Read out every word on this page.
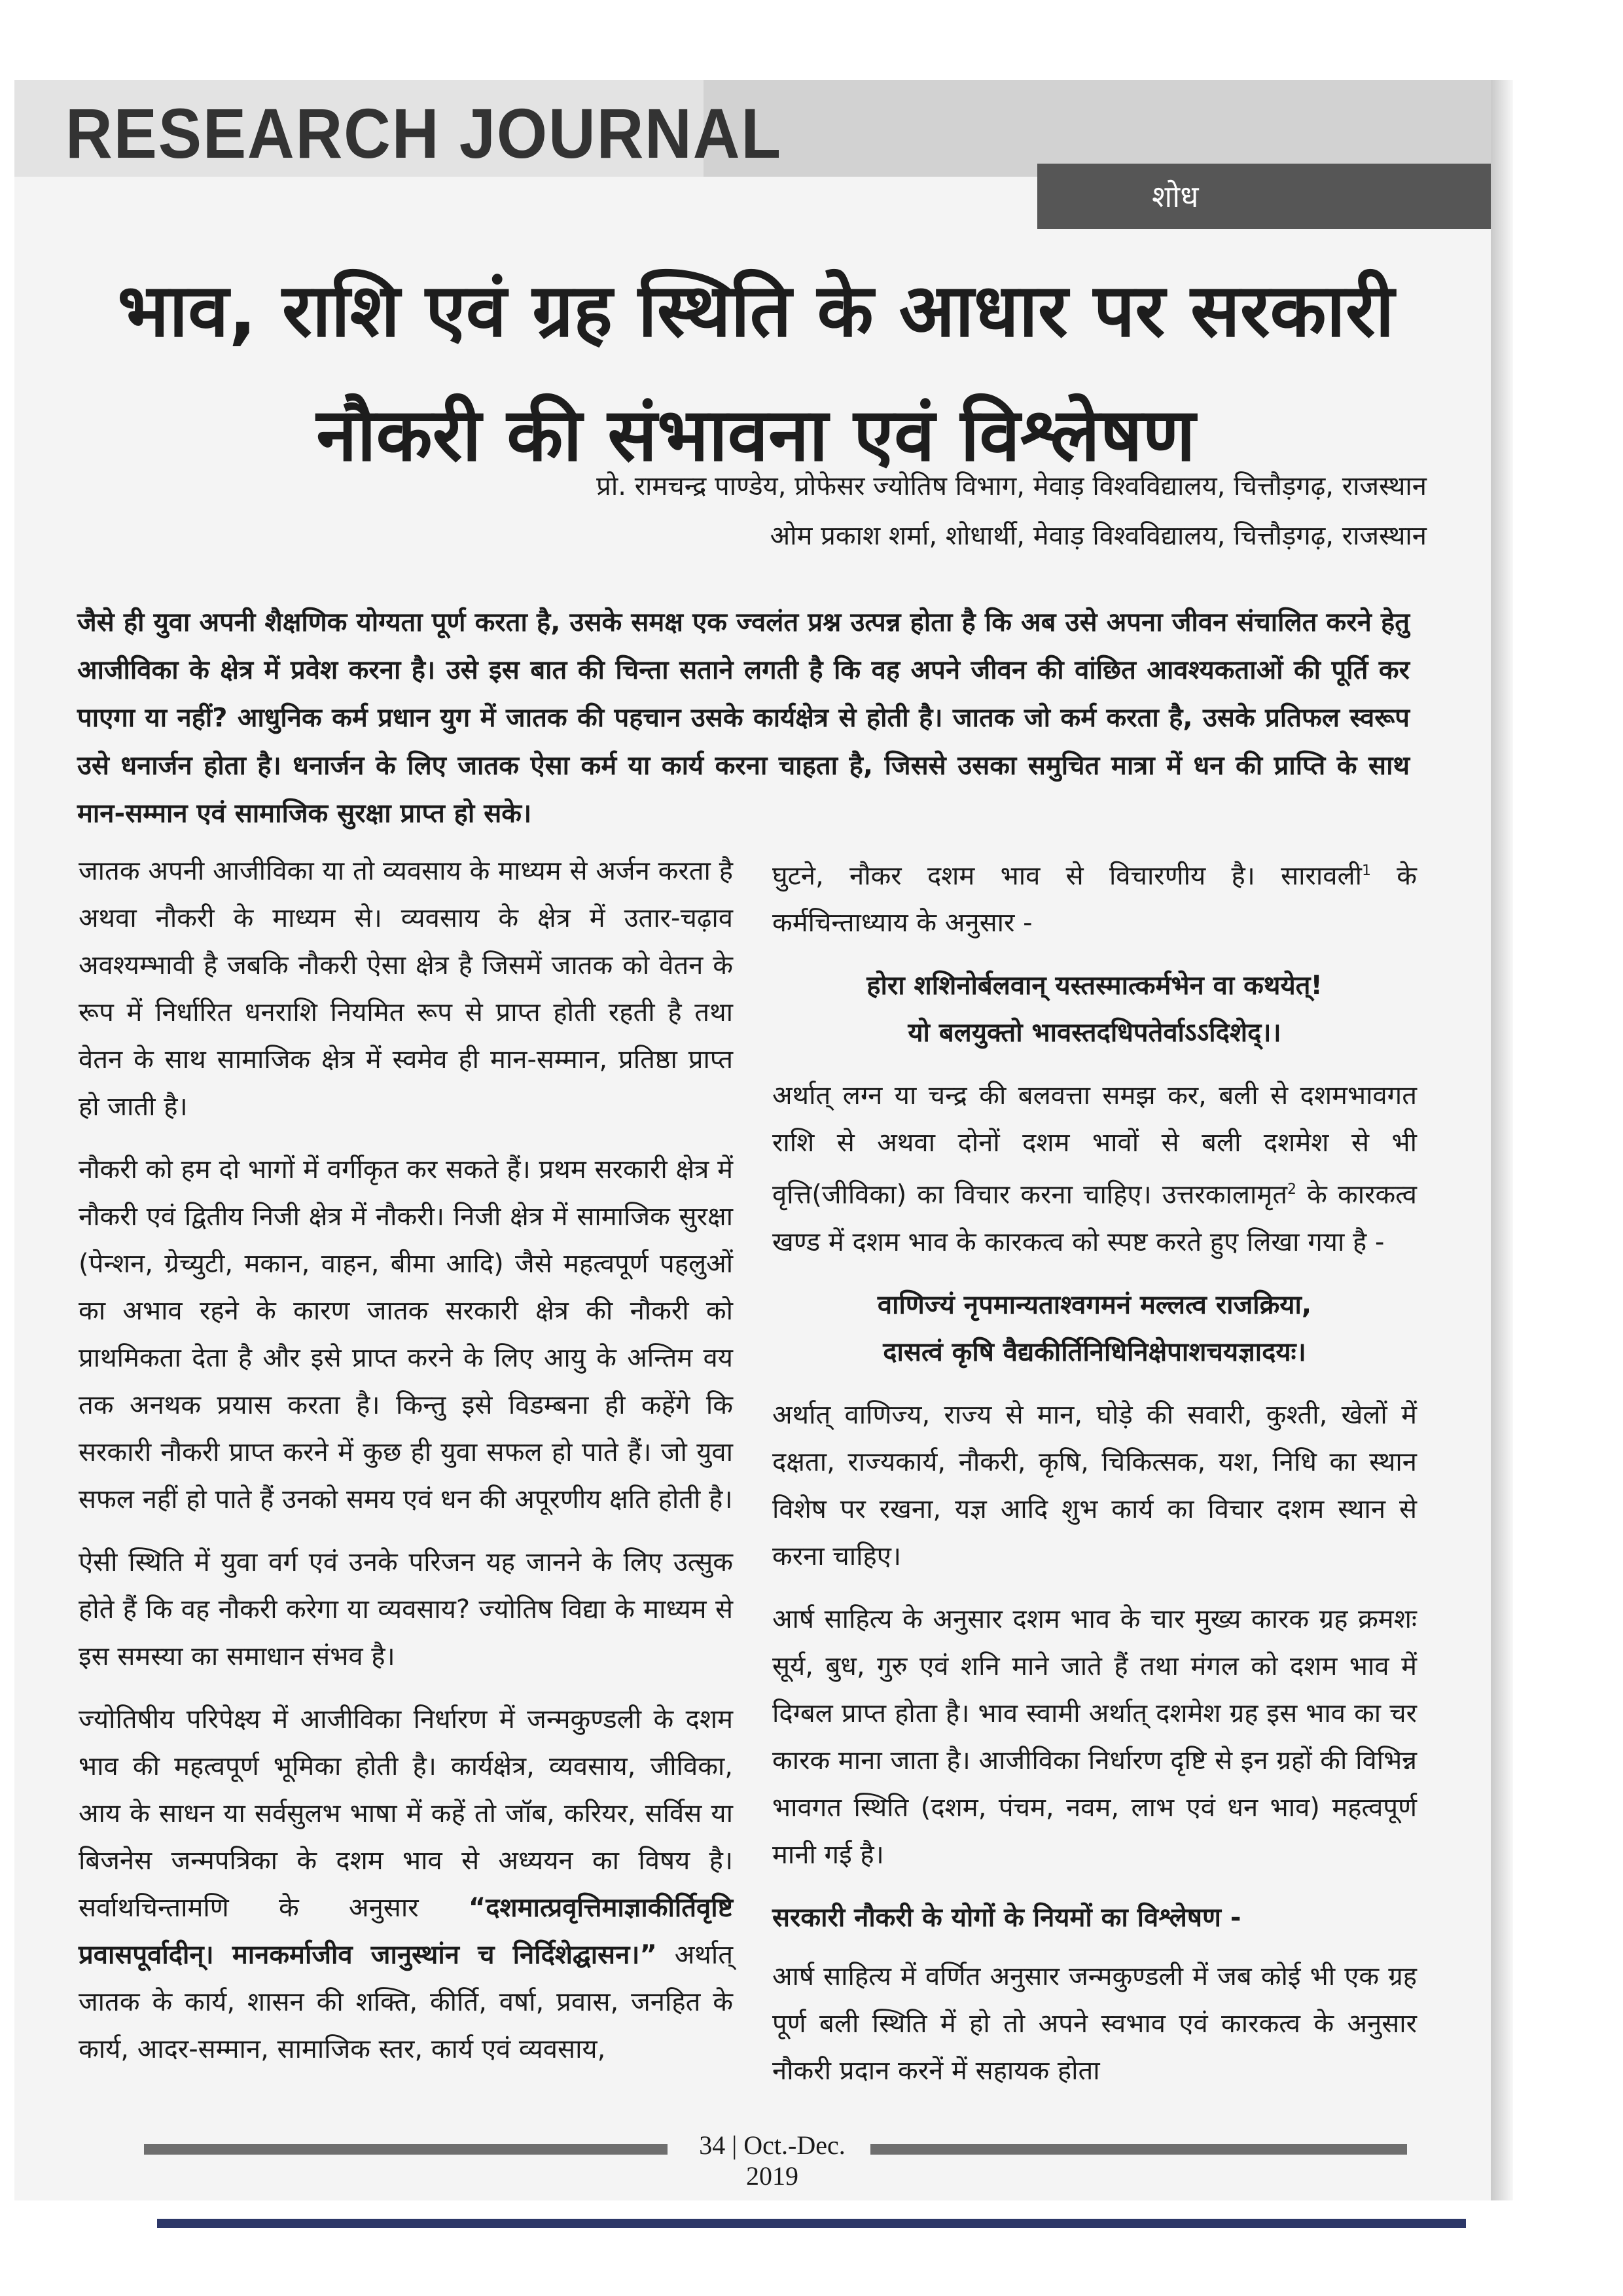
RESEARCH JOURNAL
शोध
भाव, राशि एवं ग्रह स्थिति के आधार पर सरकारी
नौकरी की संभावना एवं विश्लेषण
प्रो. रामचन्द्र पाण्डेय, प्रोफेसर ज्योतिष विभाग, मेवाड़ विश्वविद्यालय, चित्तौड़गढ़, राजस्थान
ओम प्रकाश शर्मा, शोधार्थी, मेवाड़ विश्वविद्यालय, चित्तौड़गढ़, राजस्थान
जैसे ही युवा अपनी शैक्षणिक योग्यता पूर्ण करता है, उसके समक्ष एक ज्वलंत प्रश्न उत्पन्न होता है कि अब उसे अपना जीवन संचालित करने हेतु आजीविका के क्षेत्र में प्रवेश करना है। उसे इस बात की चिन्ता सताने लगती है कि वह अपने जीवन की वांछित आवश्यकताओं की पूर्ति कर पाएगा या नहीं? आधुनिक कर्म प्रधान युग में जातक की पहचान उसके कार्यक्षेत्र से होती है। जातक जो कर्म करता है, उसके प्रतिफल स्वरूप उसे धनार्जन होता है। धनार्जन के लिए जातक ऐसा कर्म या कार्य करना चाहता है, जिससे उसका समुचित मात्रा में धन की प्राप्ति के साथ मान-सम्मान एवं सामाजिक सुरक्षा प्राप्त हो सके।

जातक अपनी आजीविका या तो व्यवसाय के माध्यम से अर्जन करता है अथवा नौकरी के माध्यम से। व्यवसाय के क्षेत्र में उतार-चढ़ाव अवश्यम्भावी है जबकि नौकरी ऐसा क्षेत्र है जिसमें जातक को वेतन के रूप में निर्धारित धनराशि नियमित रूप से प्राप्त होती रहती है तथा वेतन के साथ सामाजिक क्षेत्र में स्वमेव ही मान-सम्मान, प्रतिष्ठा प्राप्त हो जाती है।

नौकरी को हम दो भागों में वर्गीकृत कर सकते हैं। प्रथम सरकारी क्षेत्र में नौकरी एवं द्वितीय निजी क्षेत्र में नौकरी। निजी क्षेत्र में सामाजिक सुरक्षा (पेन्शन, ग्रेच्युटी, मकान, वाहन, बीमा आदि) जैसे महत्वपूर्ण पहलुओं का अभाव रहने के कारण जातक सरकारी क्षेत्र की नौकरी को प्राथमिकता देता है और इसे प्राप्त करने के लिए आयु के अन्तिम वय तक अनथक प्रयास करता है। किन्तु इसे विडम्बना ही कहेंगे कि सरकारी नौकरी प्राप्त करने में कुछ ही युवा सफल हो पाते हैं। जो युवा सफल नहीं हो पाते हैं उनको समय एवं धन की अपूरणीय क्षति होती है।

ऐसी स्थिति में युवा वर्ग एवं उनके परिजन यह जानने के लिए उत्सुक होते हैं कि वह नौकरी करेगा या व्यवसाय? ज्योतिष विद्या के माध्यम से इस समस्या का समाधान संभव है।

ज्योतिषीय परिपेक्ष्य में आजीविका निर्धारण में जन्मकुण्डली के दशम भाव की महत्वपूर्ण भूमिका होती है। कार्यक्षेत्र, व्यवसाय, जीविका, आय के साधन या सर्वसुलभ भाषा में कहें तो जॉब, करियर, सर्विस या बिजनेस जन्मपत्रिका के दशम भाव से अध्ययन का विषय है। सर्वाथचिन्तामणि के अनुसार “दशमात्प्रवृत्तिमाज्ञाकीर्तिवृष्टि प्रवासपूर्वादीन्। मानकर्माजीव जानुस्थांन च निर्दिशेद्घासन।” अर्थात् जातक के कार्य, शासन की शक्ति, कीर्ति, वर्षा, प्रवास, जनहित के कार्य, आदर-सम्मान, सामाजिक स्तर, कार्य एवं व्यवसाय,

घुटने, नौकर दशम भाव से विचारणीय है। सारावली$^1$ के कर्मचिन्ताध्याय के अनुसार -

होरा शशिनोर्बलवान् यस्तस्मात्कर्मभेन वा कथयेत्!
यो बलयुक्तो भावस्तदधिपतेर्वाऽऽदिशेद्।।

अर्थात् लग्न या चन्द्र की बलवत्ता समझ कर, बली से दशमभावगत राशि से अथवा दोनों दशम भावों से बली दशमेश से भी वृत्ति(जीविका) का विचार करना चाहिए। उत्तरकालामृत$^2$ के कारकत्व खण्ड में दशम भाव के कारकत्व को स्पष्ट करते हुए लिखा गया है -

वाणिज्यं नृपमान्यताश्वगमनं मल्लत्व राजक्रिया,
दासत्वं कृषि वैद्यकीर्तिनिधिनिक्षेपाशचयज्ञादयः।

अर्थात् वाणिज्य, राज्य से मान, घोड़े की सवारी, कुश्ती, खेलों में दक्षता, राज्यकार्य, नौकरी, कृषि, चिकित्सक, यश, निधि का स्थान विशेष पर रखना, यज्ञ आदि शुभ कार्य का विचार दशम स्थान से करना चाहिए।

आर्ष साहित्य के अनुसार दशम भाव के चार मुख्य कारक ग्रह क्रमशः सूर्य, बुध, गुरु एवं शनि माने जाते हैं तथा मंगल को दशम भाव में दिग्बल प्राप्त होता है। भाव स्वामी अर्थात् दशमेश ग्रह इस भाव का चर कारक माना जाता है। आजीविका निर्धारण दृष्टि से इन ग्रहों की विभिन्न भावगत स्थिति (दशम, पंचम, नवम, लाभ एवं धन भाव) महत्वपूर्ण मानी गई है।

सरकारी नौकरी के योगों के नियमों का विश्लेषण -

आर्ष साहित्य में वर्णित अनुसार जन्मकुण्डली में जब कोई भी एक ग्रह पूर्ण बली स्थिति में हो तो अपने स्वभाव एवं कारकत्व के अनुसार नौकरी प्रदान करनें में सहायक होता

34 | Oct.-Dec. 2019
